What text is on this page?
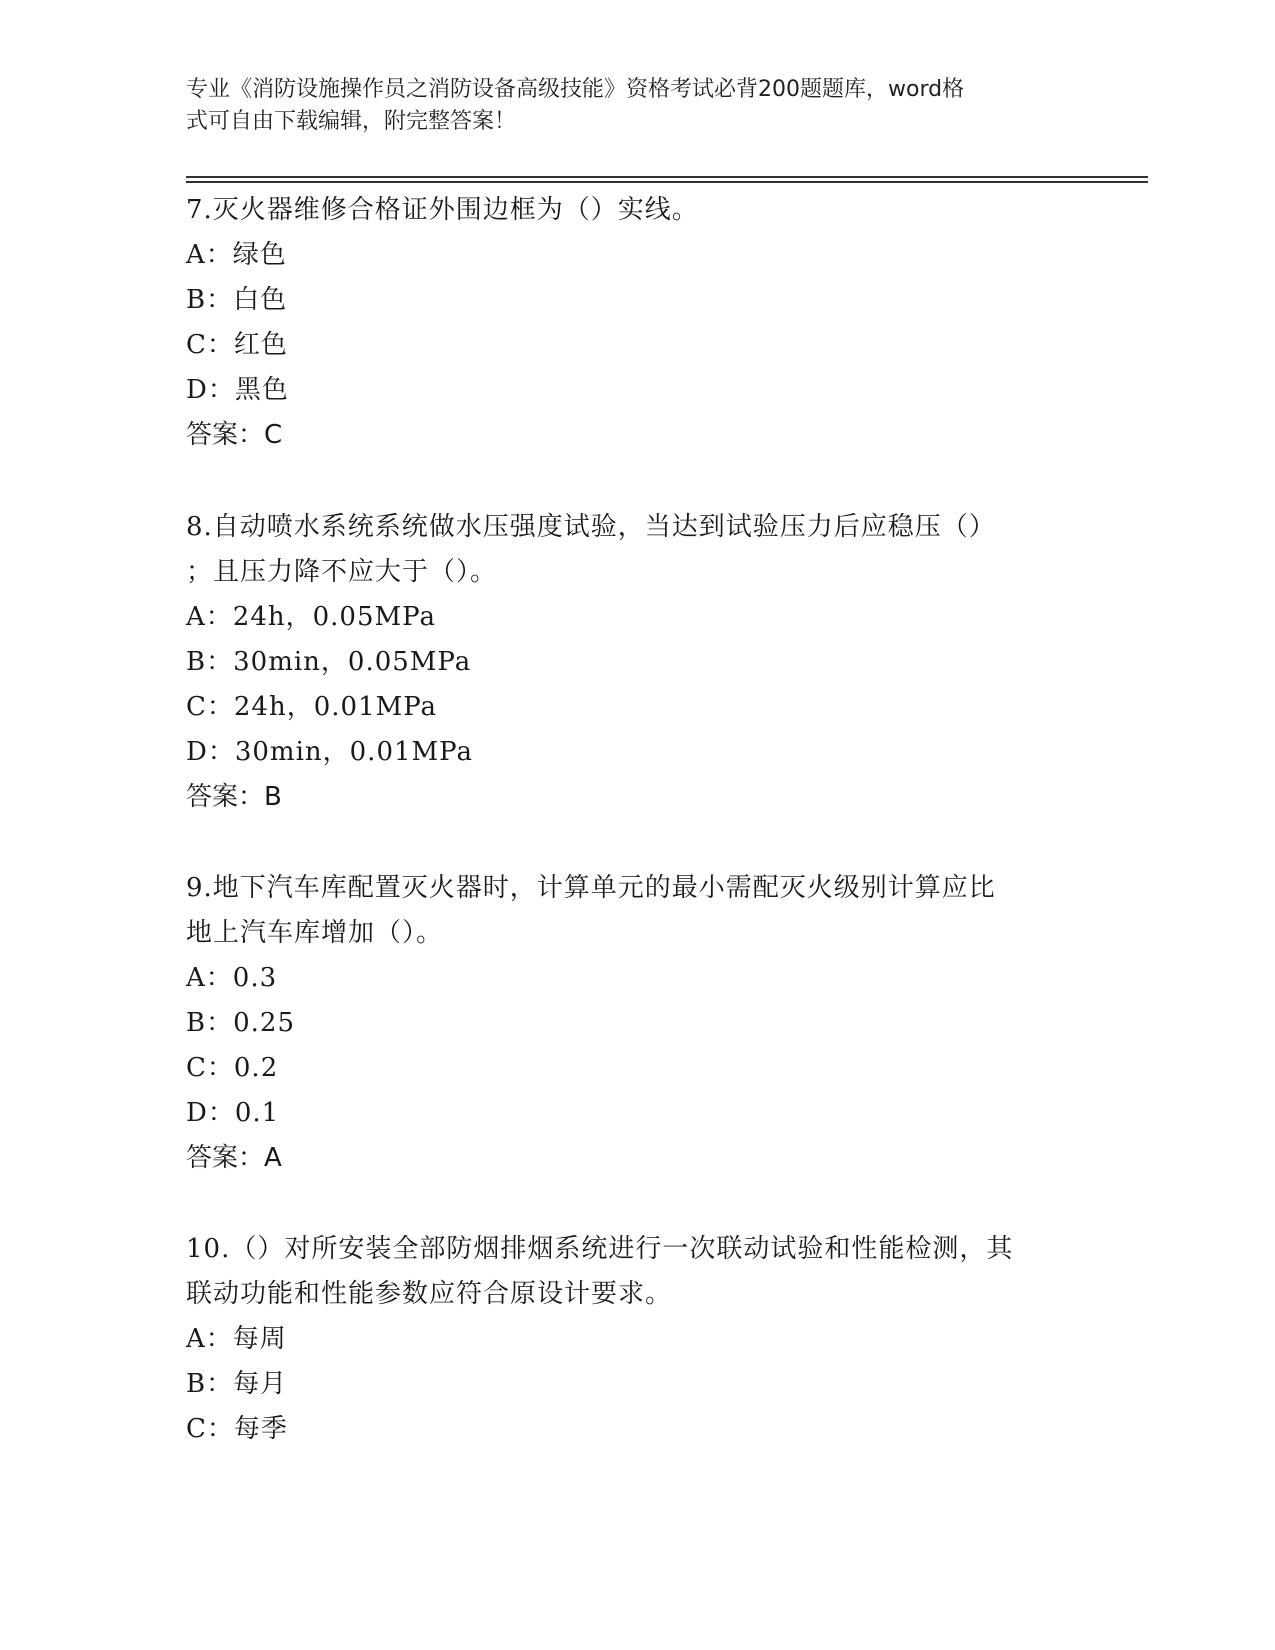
专业《消防设施操作员之消防设备高级技能》资格考试必背200题题库，word格
式可自由下载编辑，附完整答案！
7.灭火器维修合格证外围边框为（）实线。
A：绿色
B：白色
C：红色
D：黑色
答案：C
8.自动喷水系统系统做水压强度试验，当达到试验压力后应稳压（）
；且压力降不应大于（）。
A：24h，0.05MPa
B：30min，0.05MPa
C：24h，0.01MPa
D：30min，0.01MPa
答案：B
9.地下汽车库配置灭火器时，计算单元的最小需配灭火级别计算应比
地上汽车库增加（）。
A：0.3
B：0.25
C：0.2
D：0.1
答案：A
10.（）对所安装全部防烟排烟系统进行一次联动试验和性能检测，其
联动功能和性能参数应符合原设计要求。
A：每周
B：每月
C：每季
